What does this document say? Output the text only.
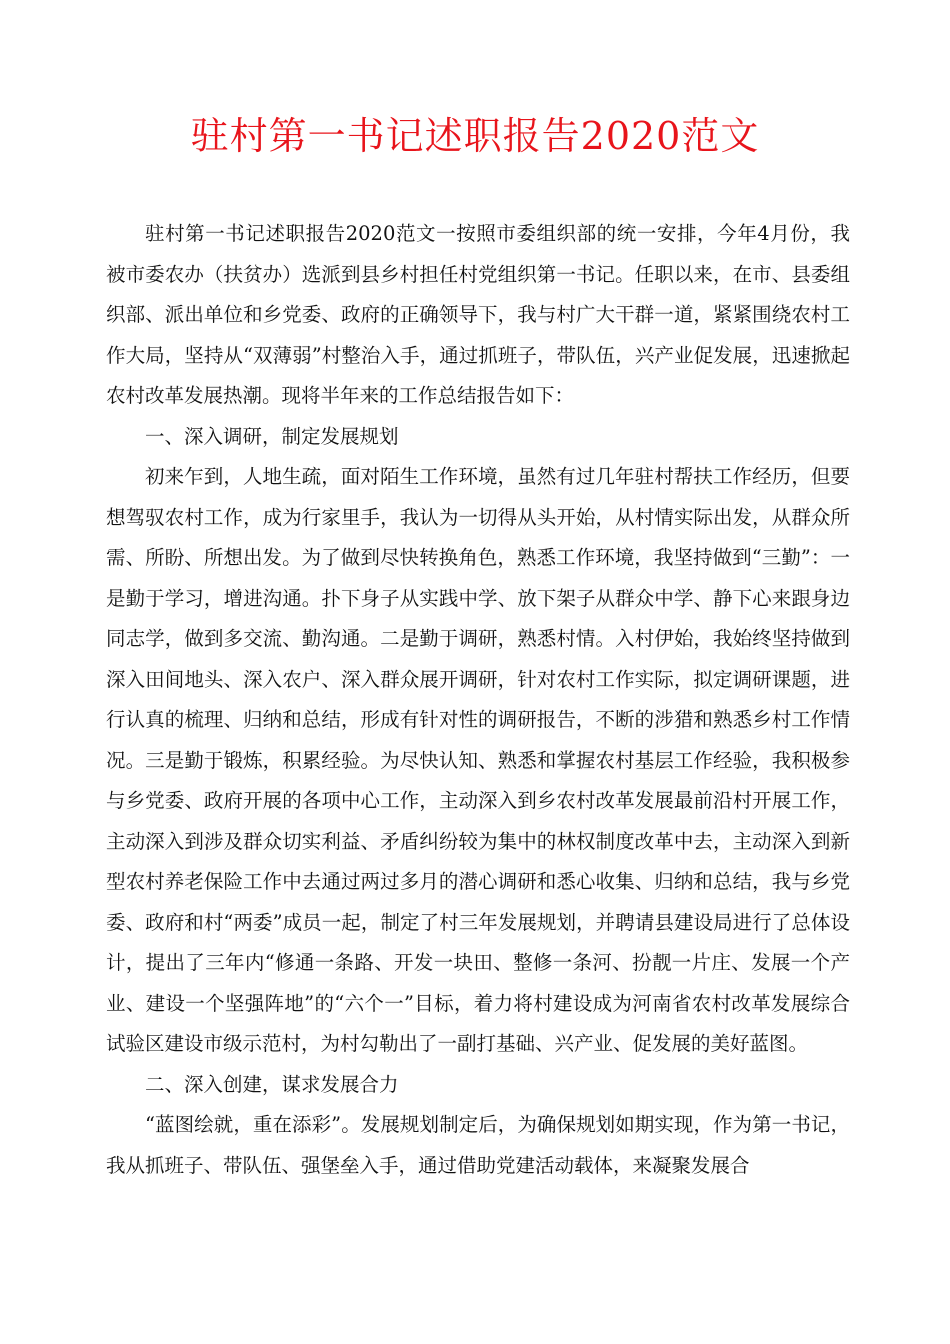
驻村第一书记述职报告2020范文

驻村第一书记述职报告2020范文一按照市委组织部的统一安排，今年4月份，我被市委农办（扶贫办）选派到县乡村担任村党组织第一书记。任职以来，在市、县委组织部、派出单位和乡党委、政府的正确领导下，我与村广大干群一道，紧紧围绕农村工作大局，坚持从“双薄弱”村整治入手，通过抓班子，带队伍，兴产业促发展，迅速掀起农村改革发展热潮。现将半年来的工作总结报告如下：

一、深入调研，制定发展规划

初来乍到，人地生疏，面对陌生工作环境，虽然有过几年驻村帮扶工作经历，但要想驾驭农村工作，成为行家里手，我认为一切得从头开始，从村情实际出发，从群众所需、所盼、所想出发。为了做到尽快转换角色，熟悉工作环境，我坚持做到“三勤”：一是勤于学习，增进沟通。扑下身子从实践中学、放下架子从群众中学、静下心来跟身边同志学，做到多交流、勤沟通。二是勤于调研，熟悉村情。入村伊始，我始终坚持做到深入田间地头、深入农户、深入群众展开调研，针对农村工作实际，拟定调研课题，进行认真的梳理、归纳和总结，形成有针对性的调研报告，不断的涉猎和熟悉乡村工作情况。三是勤于锻炼，积累经验。为尽快认知、熟悉和掌握农村基层工作经验，我积极参与乡党委、政府开展的各项中心工作，主动深入到乡农村改革发展最前沿村开展工作，主动深入到涉及群众切实利益、矛盾纠纷较为集中的林权制度改革中去，主动深入到新型农村养老保险工作中去通过两过多月的潜心调研和悉心收集、归纳和总结，我与乡党委、政府和村“两委”成员一起，制定了村三年发展规划，并聘请县建设局进行了总体设计，提出了三年内“修通一条路、开发一块田、整修一条河、扮靓一片庄、发展一个产业、建设一个坚强阵地”的“六个一”目标，着力将村建设成为河南省农村改革发展综合试验区建设市级示范村，为村勾勒出了一副打基础、兴产业、促发展的美好蓝图。

二、深入创建，谋求发展合力

“蓝图绘就，重在添彩”。发展规划制定后，为确保规划如期实现，作为第一书记，我从抓班子、带队伍、强堡垒入手，通过借助党建活动载体，来凝聚发展合
